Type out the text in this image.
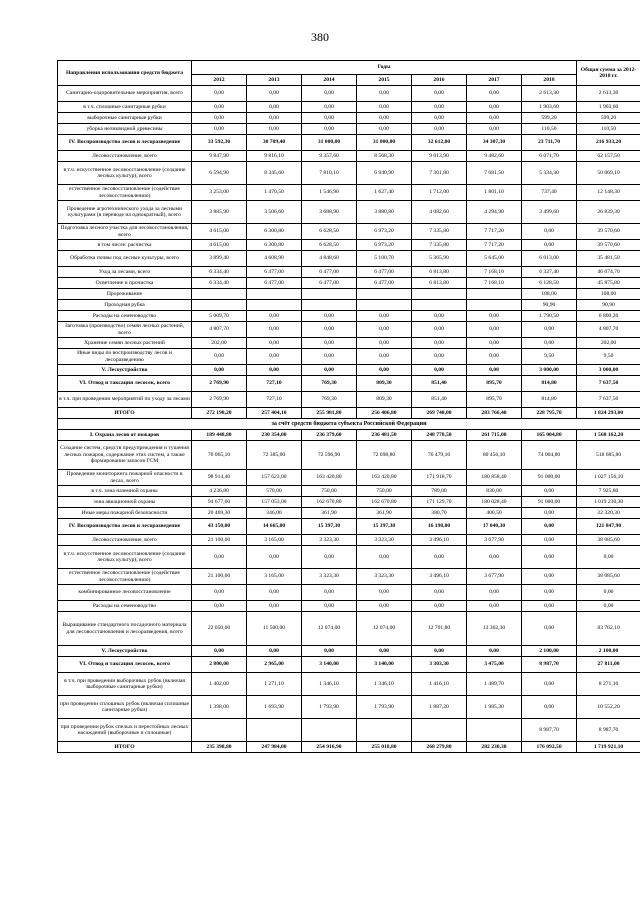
380
Направления использования средств бюджета	Годы							Общая сумма за 2012-2018 гг.
	2012	2013	2014	2015	2016	2017	2018	
Санитарно-оздоровительные мероприятия, всего	0,00	0,00	0,00	0,00	0,00	0,00	2 613,30	2 613,30
в т.ч. сплошные санитарные рубки	0,00	0,00	0,00	0,00	0,00	0,00	1 903,60	1 903,60
выборочные санитарные рубки	0,00	0,00	0,00	0,00	0,00	0,00	599,20	599,20
уборка неликвидной древесины	0,00	0,00	0,00	0,00	0,00	0,00	110,50	110,50
IV. Воспроизводство лесов и лесоразведение	33 592,30	30 709,40	31 000,00	31 000,00	32 612,00	34 307,30	23 711,70	216 933,20
Лесовосстановление, всего	9 847,90	9 816,10	9 357,60	8 568,30	9 013,90	9 482,60	6 071,70	62 157,50
в т.ч. искусственное лесовосстановление (создание лесных культур), всего	6 594,90	8 345,60	7 810,10	6 940,90	7 301,80	7 681,50	5 334,30	50 069,10
естественное лесовосстановление (содействие лесовосстановлению)	3 253,00	1 470,50	1 546,90	1 627,40	1 712,00	1 801,10	737,40	12 148,30
Проведение агротехнического ухода за лесными культурами (в переводе на однократный), всего	3 885,90	3 506,60	3 688,90	3 880,80	4 082,60	4 294,90	3 499,60	26 839,30
Подготовка лесного участка для лесовосстановления, всего	4 615,00	6 300,80	6 628,50	6 973,20	7 335,80	7 717,20	0,00	39 570,60
в том числе: расчистка	4 615,00	6 300,80	6 628,50	6 973,20	7 335,80	7 717,20	0,00	39 570,60
Обработка почвы под лесные культуры, всего	3 899,40	4 608,90	4 848,60	5 100,70	5 365,90	5 645,00	6 013,00	35 481,50
Уход за лесами, всего	6 334,40	6 477,00	6 477,00	6 477,00	6 813,80	7 168,10	6 327,40	46 074,70
Осветление и прочистка	6 334,40	6 477,00	6 477,00	6 477,00	6 813,80	7 168,10	6 128,50	45 875,80
Прореживание							108,00	108,00
Проходная рубка							90,90	90,90
Расходы на семеноводство	5 009,70	0,00	0,00	0,00	0,00	0,00	1 790,50	6 800,20
Заготовка (производство) семян лесных растений, всего	4 807,70	0,00	0,00	0,00	0,00	0,00	0,00	4 807,70
Хранение семян лесных растений	202,00	0,00	0,00	0,00	0,00	0,00	0,00	202,00
Иные виды по воспроизводству лесов и лесоразведению	0,00	0,00	0,00	0,00	0,00	0,00	9,50	9,50
V. Лесоустройство	0,00	0,00	0,00	0,00	0,00	0,00	3 000,00	3 000,00
VI. Отвод и таксация лесосек, всего	2 769,90	727,10	769,30	809,30	851,40	895,70	814,80	7 637,50
в т.ч. при проведении мероприятий по уходу за лесами	2 769,90	727,10	769,30	809,30	851,40	895,70	814,80	7 637,50
ИТОГО	272 198,20	257 404,10	255 981,80	256 406,80	269 740,00	283 766,40	228 795,70	1 824 293,00
за счёт средств бюджета субъекта Российской Федерации								
I. Охрана лесов от пожаров	189 448,80	230 354,00	236 379,60	236 481,50	248 778,50	261 715,00	165 004,80	1 568 162,20
Создание систем, средств предупреждения и тушения лесных пожаров, содержание этих систем, а также формирование запасов ГСМ	70 065,10	72 385,00	72 596,90	72 698,80	76 479,10	80 456,10	74 004,80	518 685,80
Проведение мониторинга пожарной опасности в лесах, всего	98 914,40	157 623,00	163 420,80	163 420,80	171 918,70	180 858,40	91 000,00	1 027 156,10
в т.ч. зона наземной охраны	4 236,80	570,00	750,00	750,00	789,00	830,00	0,00	7 925,80
зона авиационной охраны	94 677,60	157 053,00	162 670,80	162 670,80	171 129,70	180 028,40	91 000,00	1 019 230,30
Иные меры пожарной безопасности	20 469,30	346,00	361,90	361,90	380,70	400,50	0,00	22 320,30
IV. Воспроизводство лесов и лесоразведение	43 150,00	14 665,00	15 397,30	15 397,30	16 198,00	17 040,30	0,00	121 847,90
Лесовосстановление, всего	21 100,00	3 165,00	3 323,30	3 323,30	3 496,10	3 677,90	0,00	38 085,60
в т.ч. искусственное лесовосстановление (создание лесных культур), всего	0,00	0,00	0,00	0,00	0,00	0,00	0,00	0,00
естественное лесовосстановление (содействие лесовосстановлению)	21 100,00	3 165,00	3 323,30	3 323,30	3 496,10	3 677,90	0,00	38 085,60
комбинированное лесовосстановление	0,00	0,00	0,00	0,00	0,00	0,00	0,00	0,00
Расходы на семеноводство	0,00	0,00	0,00	0,00	0,00	0,00	0,00	0,00
Выращивание стандартного посадочного материала для лесовосстановления и лесоразведения, всего	22 050,00	11 500,00	12 074,00	12 074,00	12 701,80	13 362,30	0,00	83 762,10
V. Лесоустройство	0,00	0,00	0,00	0,00	0,00	0,00	2 100,00	2 100,00
VI. Отвод и таксация лесосек, всего	2 800,00	2 965,00	3 140,00	3 140,00	3 303,30	3 475,00	8 987,70	27 811,00
в т.ч. при проведении выборочных рубок (включая выборочные санитарные рубки)	1 402,00	1 271,10	1 346,10	1 346,10	1 416,10	1 489,70	0,00	8 271,10
при проведении сплошных рубок (включая сплошные санитарные рубки)	1 398,00	1 693,90	1 793,90	1 793,90	1 887,20	1 985,30	0,00	10 552,20
при проведении рубок спелых и перестойных лесных насаждений (выборочные и сплошные)							8 987,70	8 987,70
ИТОГО	235 398,80	247 984,00	254 916,90	255 018,80	268 279,80	282 230,30	176 092,50	1 719 921,10
